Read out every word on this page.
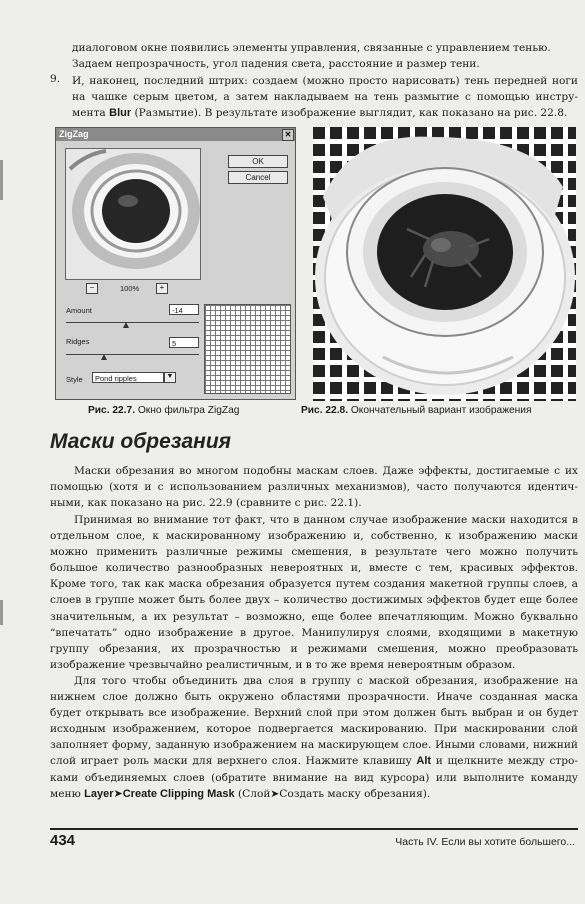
диалоговом окне появились элементы управления, связанные с управлением тенью.
Задаем непрозрачность, угол падения света, расстояние и размер тени.

9. И, наконец, последний штрих: создаем (можно просто нарисовать) тень передней ноги на чашке серым цветом, а затем накладываем на тень размытие с помощью инстру-мента Blur (Размытие). В результате изображение выглядит, как показано на рис. 22.8.

ZigZag	✕
OK
Cancel
−	100%	+
Amount	-14
Ridges	5
Style	Pond ripples	▼
Рис. 22.7. Окно фильтра ZigZag	Рис. 22.8. Окончательный вариант изображения
Маски обрезания

Маски обрезания во многом подобны маскам слоев. Даже эффекты, достигаемые с их помощью (хотя и с использованием различных механизмов), часто получаются идентич-ными, как показано на рис. 22.9 (сравните с рис. 22.1).

Принимая во внимание тот факт, что в данном случае изображение маски находится в отдельном слое, к маскированному изображению и, собственно, к изображению маски можно применить различные режимы смешения, в результате чего можно получить большое количество разнообразных невероятных и, вместе с тем, красивых эффектов. Кроме того, так как маска обрезания образуется путем создания макетной группы слоев, а слоев в группе может быть более двух – количество достижимых эффектов будет еще более значительным, а их результат – возможно, еще более впечатляющим. Можно буквально “впечатать” одно изображение в другое. Манипулируя слоями, входящими в макетную группу обрезания, их прозрачностью и режимами смешения, можно преобразовать изображение чрезвычайно реалистичным, и в то же время невероятным образом.

Для того чтобы объединить два слоя в группу с маской обрезания, изображение на нижнем слое должно быть окружено областями прозрачности. Иначе созданная маска будет открывать все изображение. Верхний слой при этом должен быть выбран и он будет исходным изображением, которое подвергается маскированию. При маскировании слой заполняет форму, заданную изображением на маскирующем слое. Иными словами, нижний слой играет роль маски для верхнего слоя. Нажмите клавишу Alt и щелкните между стро-ками объединяемых слоев (обратите внимание на вид курсора) или выполните команду меню Layer➤Create Clipping Mask (Слой➤Создать маску обрезания).

434	Часть IV. Если вы хотите большего...
